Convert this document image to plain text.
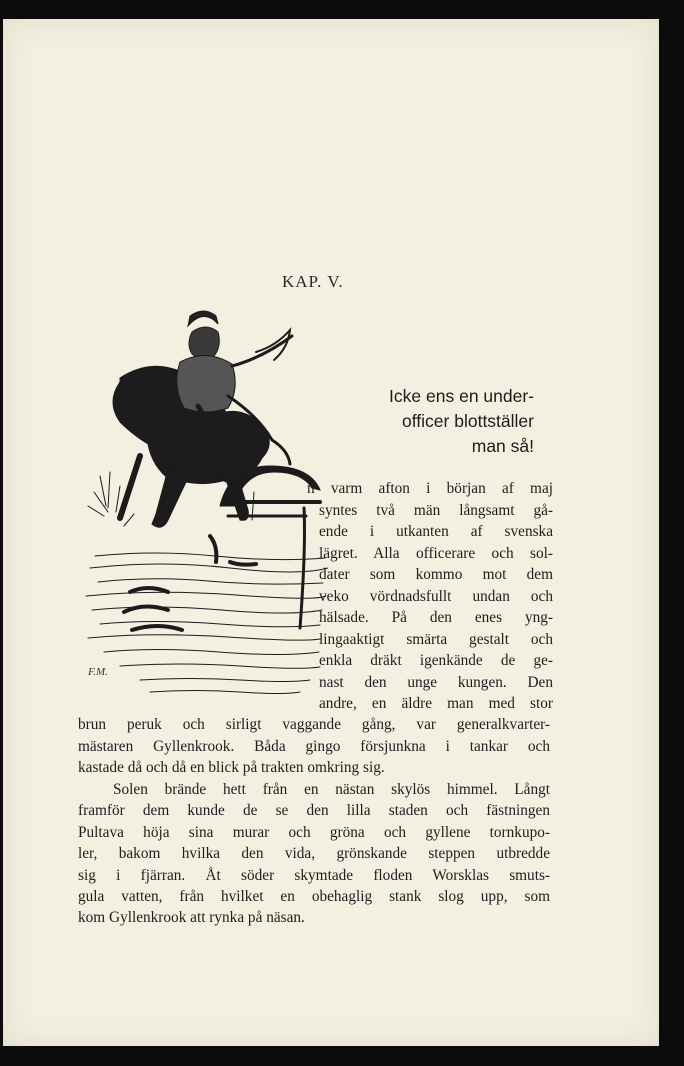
KAP. V.
F.M.
Icke ens en under-
officer blottställer
man så!
n varm afton i början af maj
syntes två män långsamt gå-
ende i utkanten af svenska
lägret. Alla officerare och sol-
dater som kommo mot dem
veko vördnadsfullt undan och
hälsade. På den enes yng-
lingaaktigt smärta gestalt och
enkla dräkt igenkände de ge-
nast den unge kungen. Den
andre, en äldre man med stor
brun peruk och sirligt vaggande gång, var generalkvarter-
mästaren Gyllenkrook. Båda gingo försjunkna i tankar och
kastade då och då en blick på trakten omkring sig.
Solen brände hett från en nästan skylös himmel. Långt
framför dem kunde de se den lilla staden och fästningen
Pultava höja sina murar och gröna och gyllene tornkupo-
ler, bakom hvilka den vida, grönskande steppen utbredde
sig i fjärran. Åt söder skymtade floden Worsklas smuts-
gula vatten, från hvilket en obehaglig stank slog upp, som
kom Gyllenkrook att rynka på näsan.
